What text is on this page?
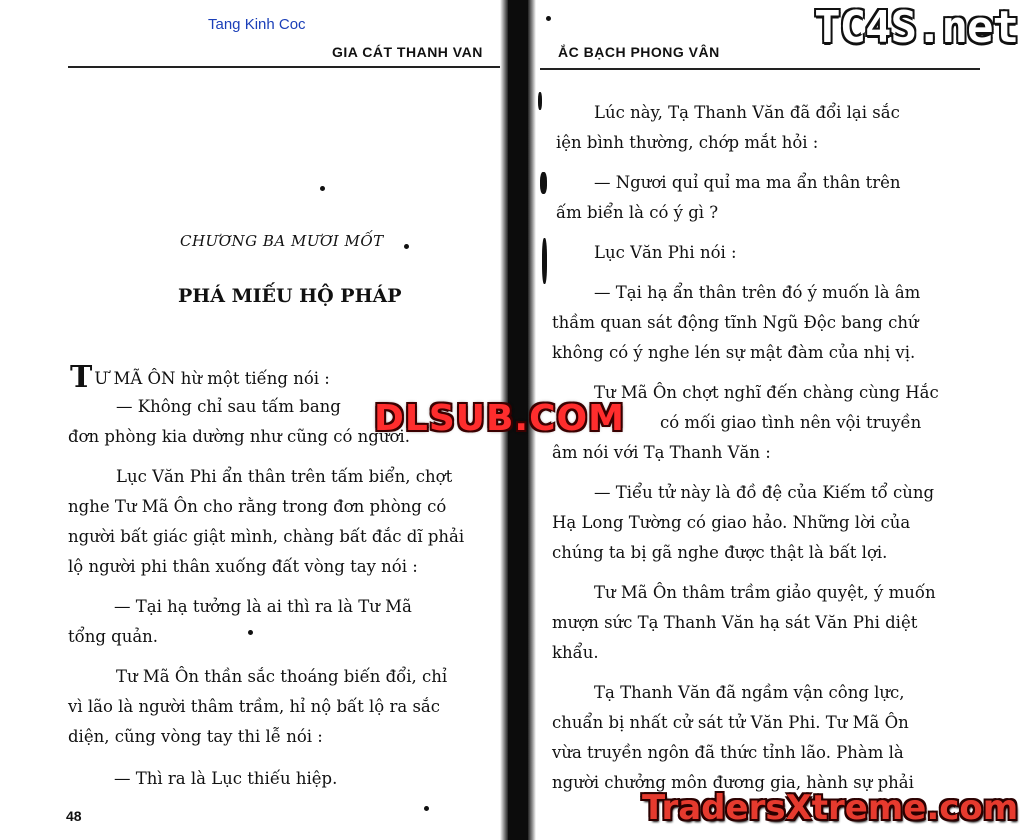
Tang Kinh Coc	TC4S.net
GIA CÁT THANH VAN	ẮC BẠCH PHONG VÂN
CHƯƠNG BA MƯƠI MỐT
PHÁ MIẾU HỘ PHÁP
T Ư MÃ ÔN hừ một tiếng nói :
— Không chỉ sau tấm bang
đơn phòng kia dường như cũng có người.
Lục Văn Phi ẩn thân trên tấm biển, chợt
nghe Tư Mã Ôn cho rằng trong đơn phòng có
người bất giác giật mình, chàng bất đắc dĩ phải
lộ người phi thân xuống đất vòng tay nói :
— Tại hạ tưởng là ai thì ra là Tư Mã
tổng quản.
Tư Mã Ôn thần sắc thoáng biến đổi, chỉ
vì lão là người thâm trầm, hỉ nộ bất lộ ra sắc
diện, cũng vòng tay thi lễ nói :
— Thì ra là Lục thiếu hiệp.
48
Lúc này, Tạ Thanh Văn đã đổi lại sắc
iện bình thường, chớp mắt hỏi :
— Ngươi quỉ quỉ ma ma ẩn thân trên
ấm biển là có ý gì ?
Lục Văn Phi nói :
— Tại hạ ẩn thân trên đó ý muốn là âm
thầm quan sát động tĩnh Ngũ Độc bang chứ
không có ý nghe lén sự mật đàm của nhị vị.
Tư Mã Ôn chợt nghĩ đến chàng cùng Hắc
có mối giao tình nên vội truyền
âm nói với Tạ Thanh Văn :
— Tiểu tử này là đồ đệ của Kiếm tổ cùng
Hạ Long Tường có giao hảo. Những lời của
chúng ta bị gã nghe được thật là bất lợi.
Tư Mã Ôn thâm trầm giảo quyệt, ý muốn
mượn sức Tạ Thanh Văn hạ sát Văn Phi diệt
khẩu.
Tạ Thanh Văn đã ngầm vận công lực,
chuẩn bị nhất cử sát tử Văn Phi. Tư Mã Ôn
vừa truyền ngôn đã thức tỉnh lão. Phàm là
người chưởng môn đương gia, hành sự phải
DLSUB.COM
TradersXtreme.com
